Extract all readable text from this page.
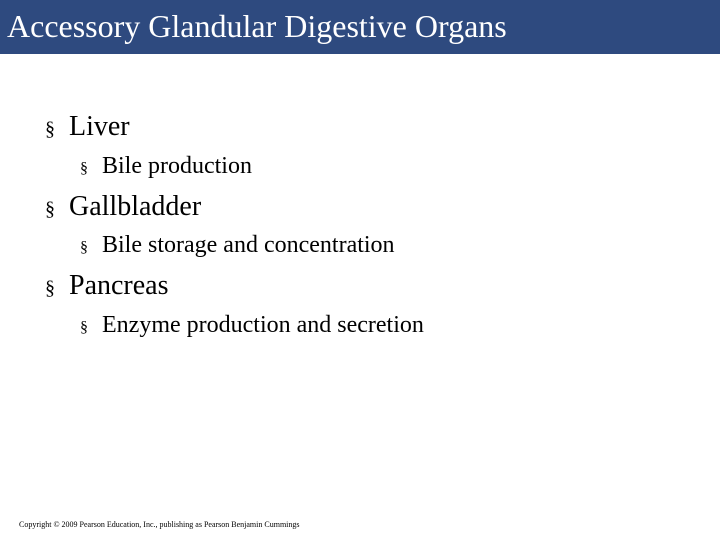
Accessory Glandular Digestive Organs
§ Liver
§ Bile production
§ Gallbladder
§ Bile storage and concentration
§ Pancreas
§ Enzyme production and secretion
Copyright © 2009 Pearson Education, Inc., publishing as Pearson Benjamin Cummings
